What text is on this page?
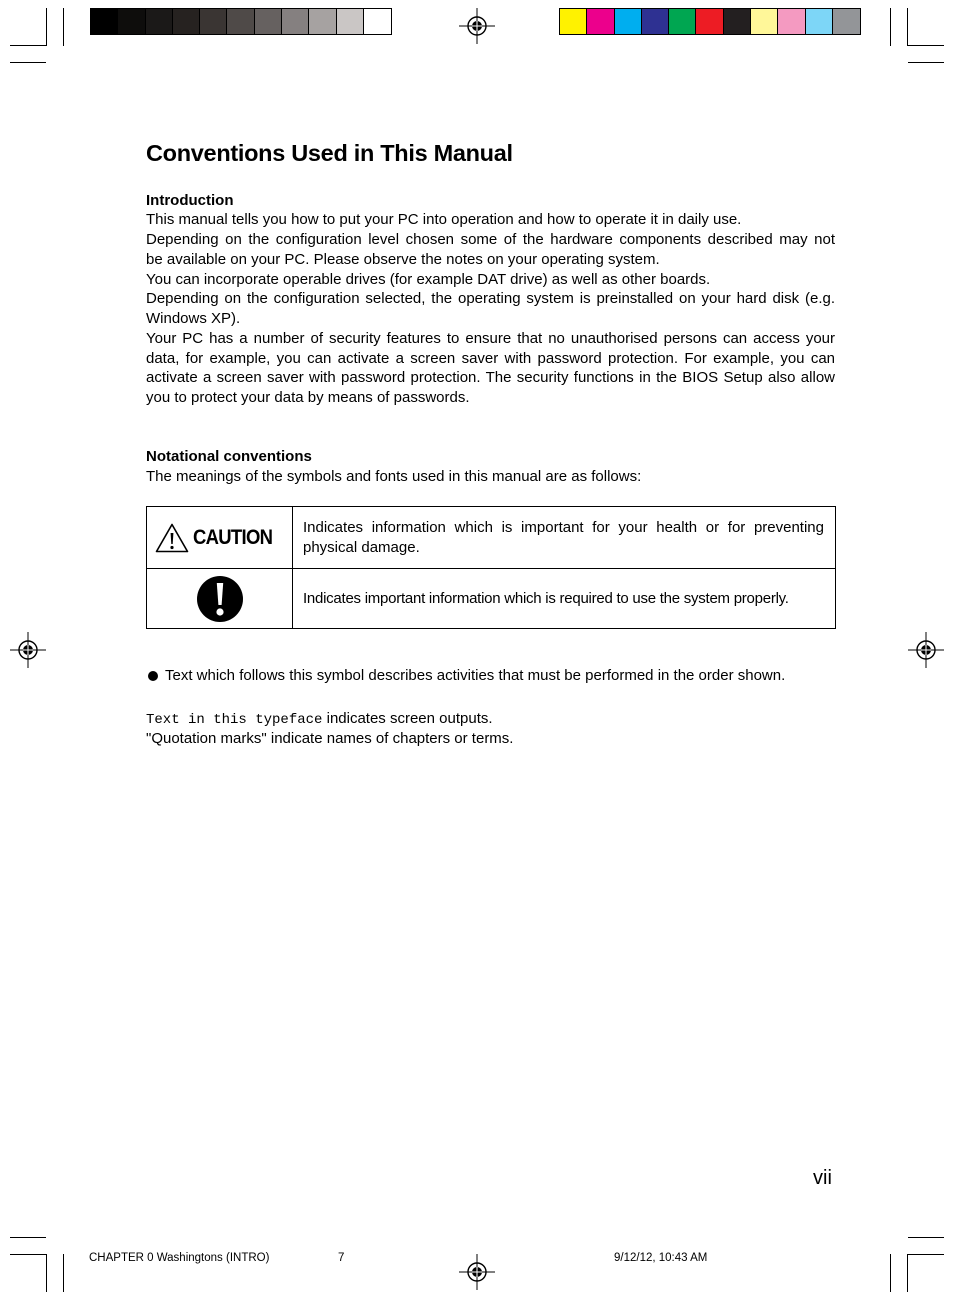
Conventions Used in This Manual
Introduction
This manual tells you how to put your PC into operation and how to operate it in daily use.
Depending on the configuration level chosen some of the hardware components described may not
be available on your PC. Please observe the notes on your operating system.
You can incorporate operable drives (for example DAT drive) as well as other boards.
Depending on the configuration selected, the operating system is preinstalled on your hard disk (e.g.
Windows XP).
Your PC has a number of security features to ensure that no unauthorised persons can access your
data, for example, you can activate a screen saver with password protection. For example, you can
activate a screen saver with password protection. The security functions in the BIOS Setup also allow
you to protect your data by means of passwords.
Notational conventions
The meanings of the symbols and fonts used in this manual are as follows:
CAUTION Indicates information which is important for your health or for preventing physical damage.
Indicates important information which is required to use the system properly.
Text which follows this symbol describes activities that must be performed in the order shown.
Text in this typeface indicates screen outputs.
"Quotation marks" indicate names of chapters or terms.
vii
CHAPTER 0 Washingtons (INTRO)	7	9/12/12, 10:43 AM
